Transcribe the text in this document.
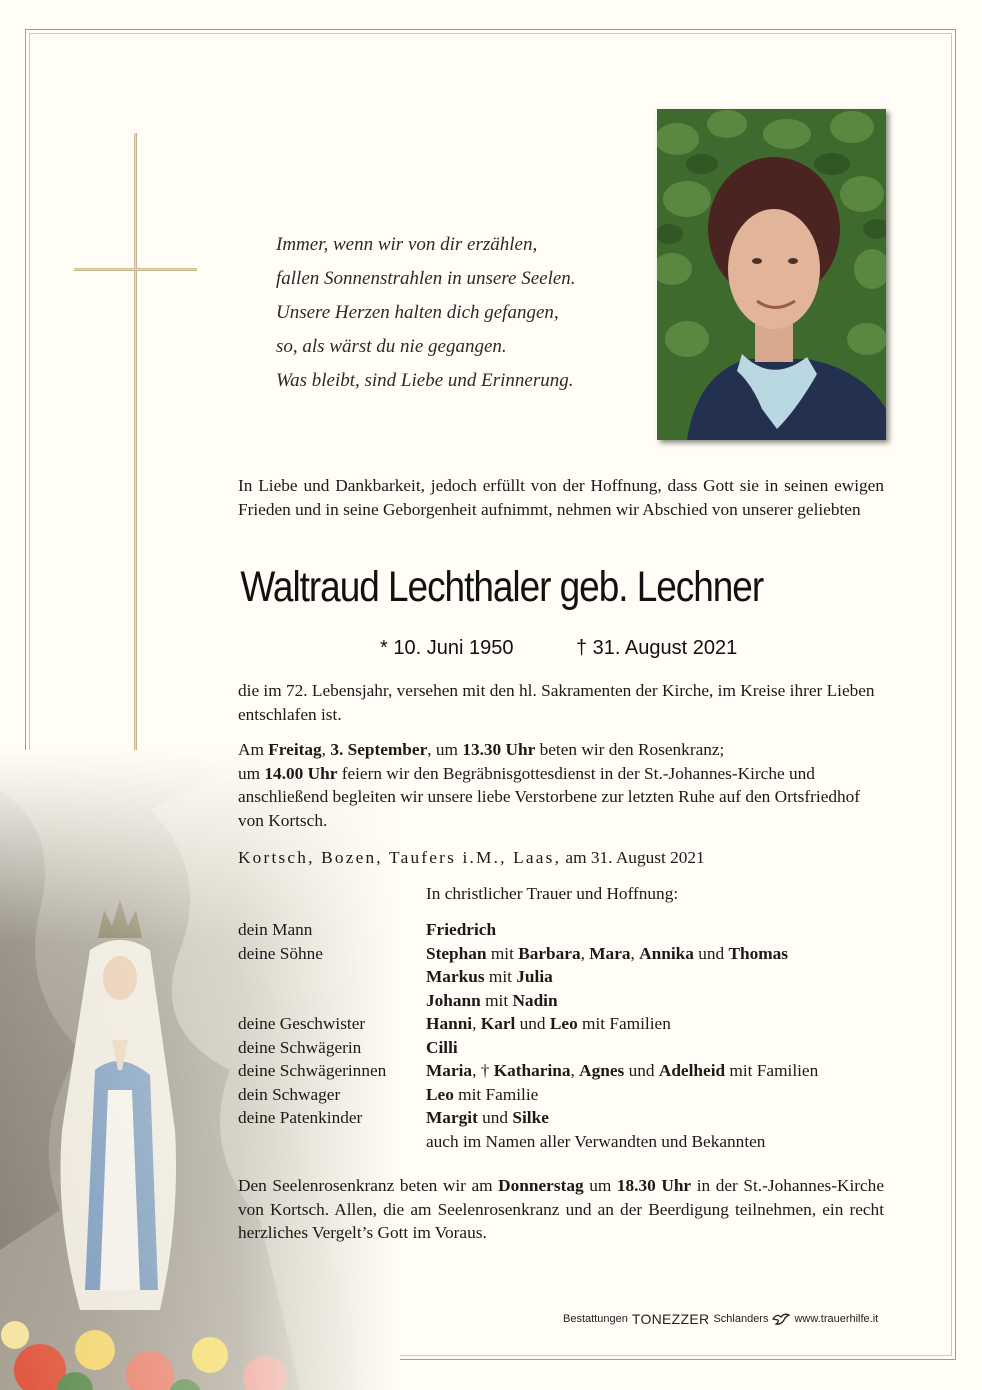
Immer, wenn wir von dir erzählen,
fallen Sonnenstrahlen in unsere Seelen.
Unsere Herzen halten dich gefangen,
so, als wärst du nie gegangen.
Was bleibt, sind Liebe und Erinnerung.
In Liebe und Dankbarkeit, jedoch erfüllt von der Hoffnung, dass Gott sie in seinen ewigen Frieden und in seine Geborgenheit aufnimmt, nehmen wir Abschied von unserer geliebten
Waltraud Lechthaler geb. Lechner
* 10. Juni 1950	† 31. August 2021
die im 72. Lebensjahr, versehen mit den hl. Sakramenten der Kirche, im Kreise ihrer Lieben entschlafen ist.
Am Freitag, 3. September, um 13.30 Uhr beten wir den Rosenkranz;
um 14.00 Uhr feiern wir den Begräbnisgottesdienst in der St.-Johannes-Kirche und anschließend begleiten wir unsere liebe Verstorbene zur letzten Ruhe auf den Ortsfriedhof von Kortsch.
Kortsch, Bozen, Taufers i.M., Laas, am 31. August 2021
In christlicher Trauer und Hoffnung:
dein Mann	Friedrich
deine Söhne	Stephan mit Barbara, Mara, Annika und Thomas
Markus mit Julia
Johann mit Nadin
deine Geschwister	Hanni, Karl und Leo mit Familien
deine Schwägerin	Cilli
deine Schwägerinnen	Maria, † Katharina, Agnes und Adelheid mit Familien
dein Schwager	Leo mit Familie
deine Patenkinder	Margit und Silke
auch im Namen aller Verwandten und Bekannten
Den Seelenrosenkranz beten wir am Donnerstag um 18.30 Uhr in der St.-Johannes-Kirche von Kortsch. Allen, die am Seelenrosenkranz und an der Beerdigung teilnehmen, ein recht herzliches Vergelt’s Gott im Voraus.
Bestattungen TONEZZER Schlanders www.trauerhilfe.it
